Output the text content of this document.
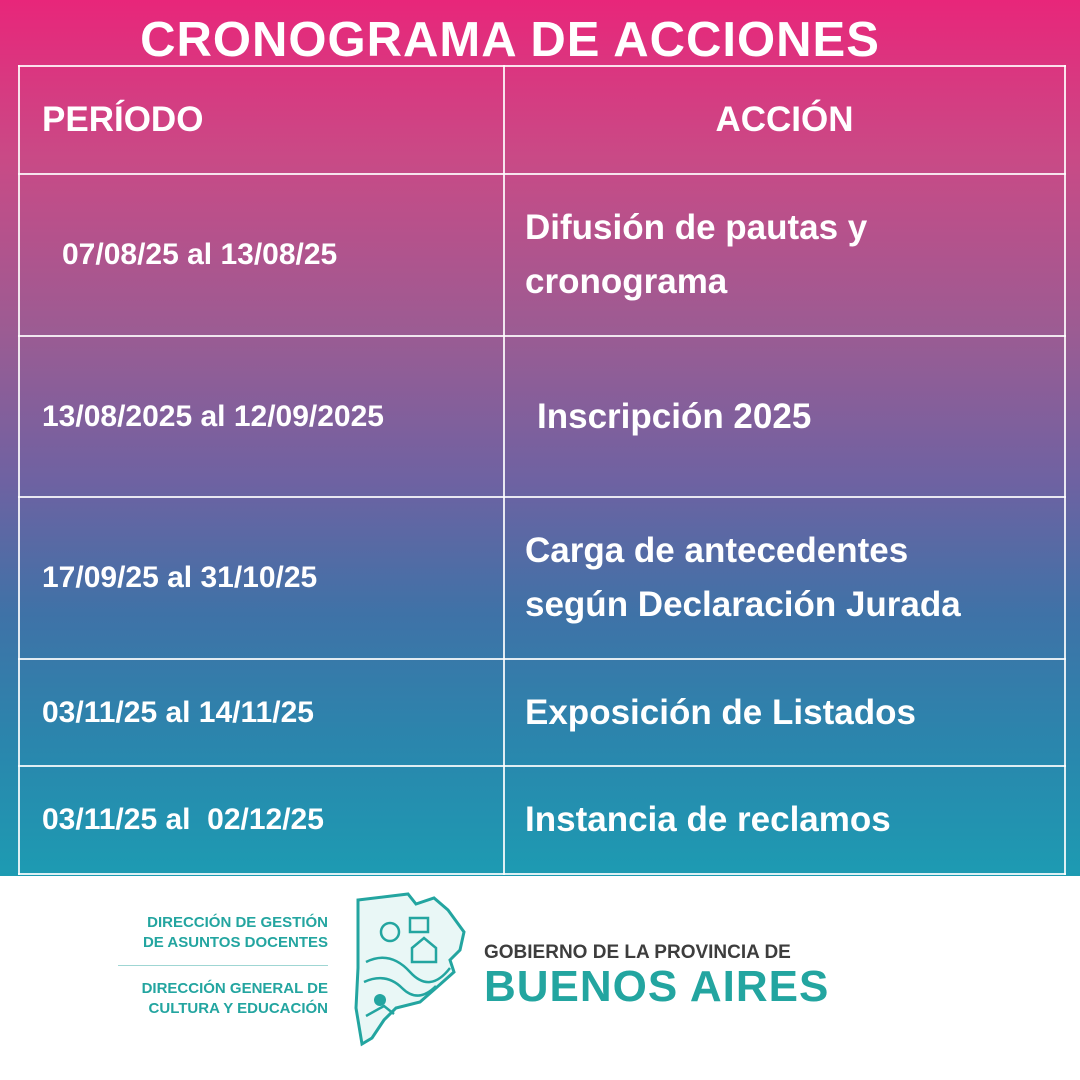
CRONOGRAMA DE ACCIONES
PERÍODO	ACCIÓN
07/08/25 al 13/08/25	Difusión de pautas y
cronograma

13/08/2025 al 12/09/2025	Inscripción 2025

17/09/25 al 31/10/25	Carga de antecedentes
según Declaración Jurada

03/11/25 al 14/11/25	Exposición de Listados

03/11/25 al  02/12/25	Instancia de reclamos
DIRECCIÓN DE GESTIÓN
DE ASUNTOS DOCENTES
DIRECCIÓN GENERAL DE
CULTURA Y EDUCACIÓN
GOBIERNO DE LA PROVINCIA DE
BUENOS AIRES
